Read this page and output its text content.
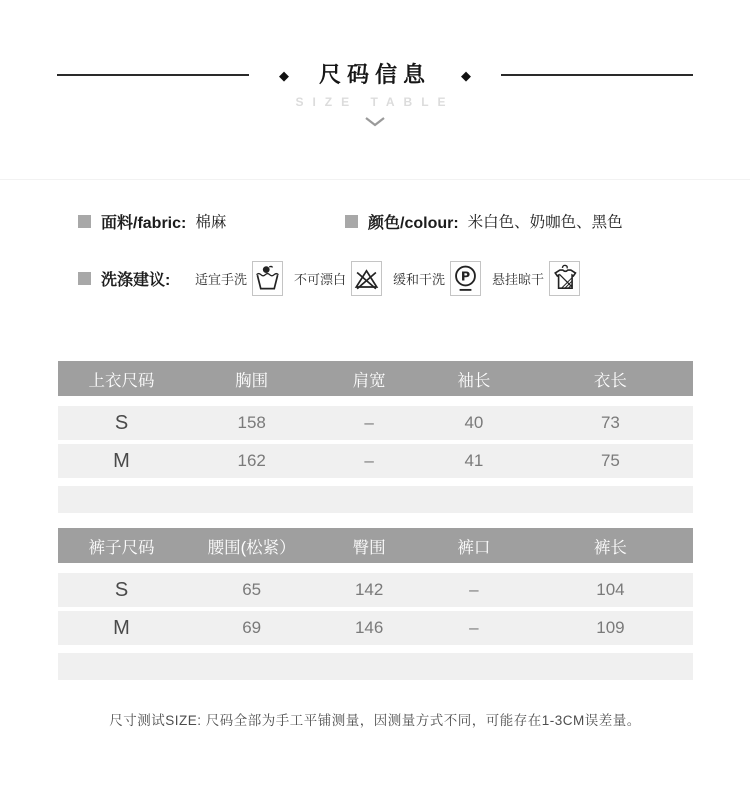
◆ 尺码信息 ◆
SIZE TABLE
面料/fabric: 棉麻	颜色/colour: 米白色、奶咖色、黑色
洗涤建议: 适宜手洗	不可漂白	缓和干洗 P 悬挂晾干
上衣尺码	胸围	肩宽	袖长	衣长
S	158	–	40	73
M	162	–	41	75
裤子尺码	腰围(松紧）	臀围	裤口	裤长
S	65	142	–	104
M	69	146	–	109
尺寸测试SIZE: 尺码全部为手工平铺测量，因测量方式不同，可能存在1-3CM误差量。
